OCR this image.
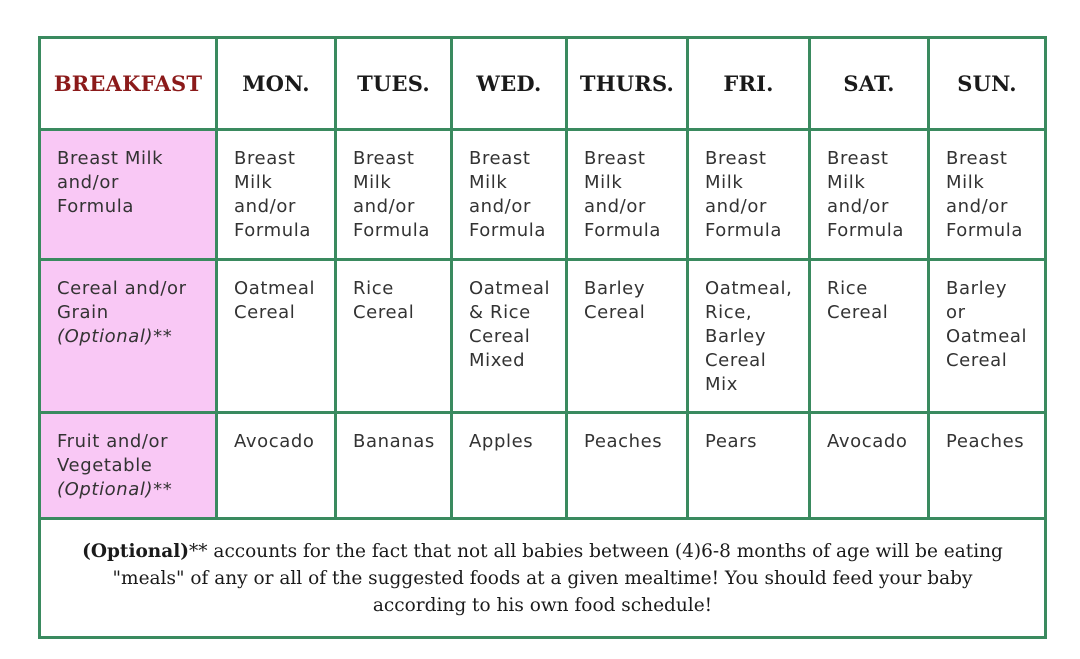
BREAKFAST	MON.	TUES.	WED.	THURS.	FRI.	SAT.	SUN.

Breast Milk
and/or
Formula	Breast
Milk
and/or
Formula	Breast
Milk
and/or
Formula	Breast
Milk
and/or
Formula	Breast
Milk
and/or
Formula	Breast
Milk
and/or
Formula	Breast
Milk
and/or
Formula	Breast
Milk
and/or
Formula

Cereal and/or
Grain
(Optional)**	Oatmeal
Cereal	Rice
Cereal	Oatmeal
& Rice
Cereal
Mixed	Barley
Cereal	Oatmeal,
Rice,
Barley
Cereal
Mix	Rice
Cereal	Barley
or
Oatmeal
Cereal

Fruit and/or
Vegetable
(Optional)**	Avocado	Bananas	Apples	Peaches	Pears	Avocado	Peaches

(Optional)** accounts for the fact that not all babies between (4)6-8 months of age will be eating "meals" of any or all of the suggested foods at a given mealtime! You should feed your baby according to his own food schedule!							
